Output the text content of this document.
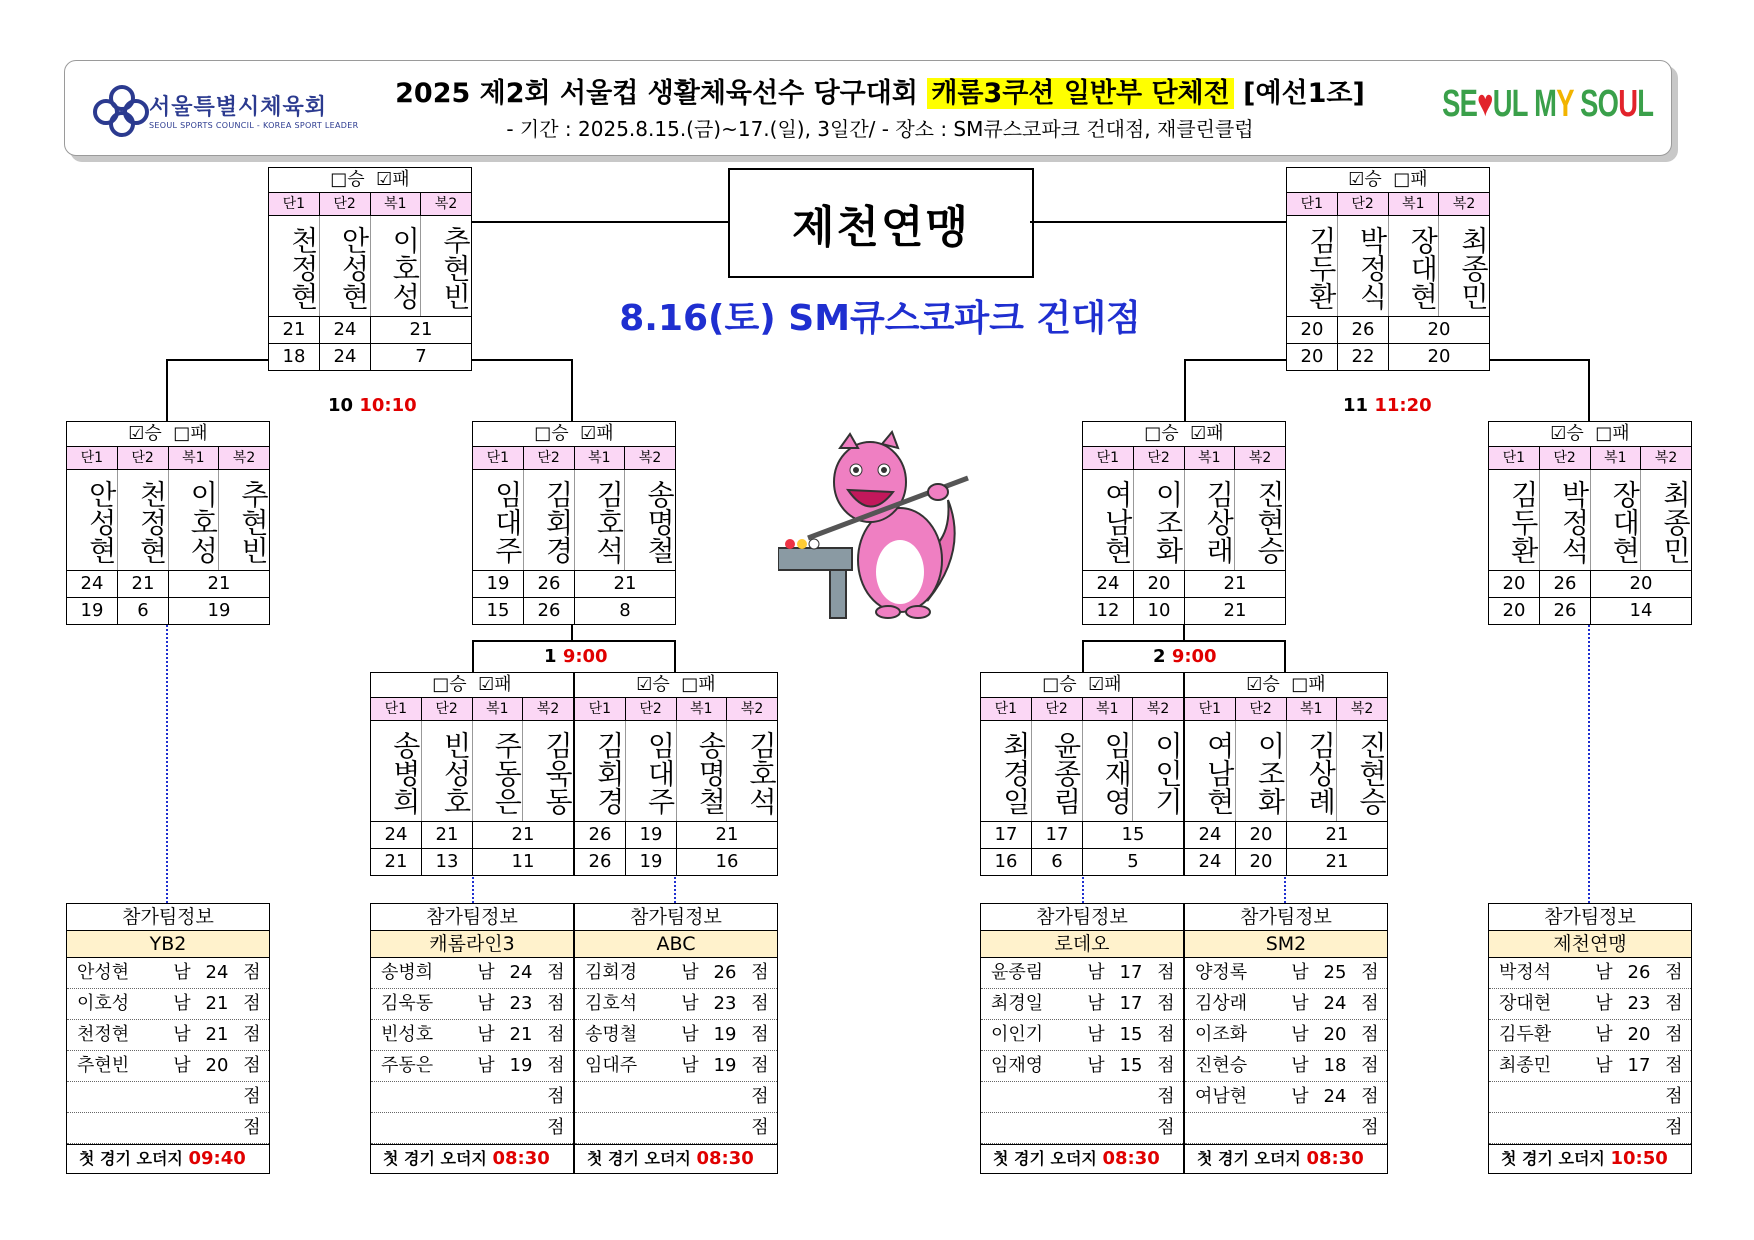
서울특별시체육회
SEOUL SPORTS COUNCIL - KOREA SPORT LEADER
2025 제2회 서울컵 생활체육선수 당구대회 캐롬3쿠션 일반부 단체전 [예선1조]
- 기간 : 2025.8.15.(금)~17.(일), 3일간/ - 장소 : SM큐스코파크 건대점, 재클린클럽
SE♥UL MY SOUL
제천연맹
8.16(토) SM큐스코파크 건대점
10 10:10	11 11:20
1 9:00	2 9:00
□승 ☑패
단1	단2	복1	복2
천정현 안성현 이호성 추현빈
21	24	21
18	24	7
☑승 □패
단1	단2	복1	복2
김두환 박정식 장대현 최종민
20	26	20
20	22	20
☑승 □패
단1	단2	복1	복2
안성현 천정현 이호성 추현빈
24	21	21
19	6	19
□승 ☑패
단1	단2	복1	복2
임대주 김회경 김호석 송명철
19	26	21
15	26	8
□승 ☑패
단1	단2	복1	복2
여남현 이조화 김상래 진현승
24	20	21
12	10	21
☑승 □패
단1	단2	복1	복2
김두환 박정석 장대현 최종민
20	26	20
20	26	14
□승 ☑패
단1	단2	복1	복2
송병희 빈성호 주동은 김욱동
24	21	21
21	13	11
☑승 □패
단1	단2	복1	복2
김회경 임대주 송명철 김호석
26	19	21
26	19	16
□승 ☑패
단1	단2	복1	복2
최경일 윤종림 임재영 이인기
17	17	15
16	6	5
☑승 □패
단1	단2	복1	복2
여남현 이조화 김상례 진현승
24	20	21
24	20	21
참가팀정보
YB2
안성현	남 24 점
이호성	남 21 점
천정현	남 21 점
추현빈	남 20 점
점
점
첫 경기 오더지 09:40
참가팀정보
캐롬라인3
송병희	남 24 점
김욱동	남 23 점
빈성호	남 21 점
주동은	남 19 점
점
점
첫 경기 오더지 08:30
참가팀정보
ABC
김회경	남 26 점
김호석	남 23 점
송명철	남 19 점
임대주	남 19 점
점
점
첫 경기 오더지 08:30
참가팀정보
로데오
윤종림	남 17 점
최경일	남 17 점
이인기	남 15 점
임재영	남 15 점
점
점
첫 경기 오더지 08:30
참가팀정보
SM2
양정록	남 25 점
김상래	남 24 점
이조화	남 20 점
진현승	남 18 점
여남현	남 24 점
점
첫 경기 오더지 08:30
참가팀정보
제천연맹
박정석	남 26 점
장대현	남 23 점
김두환	남 20 점
최종민	남 17 점
점
점
첫 경기 오더지 10:50
